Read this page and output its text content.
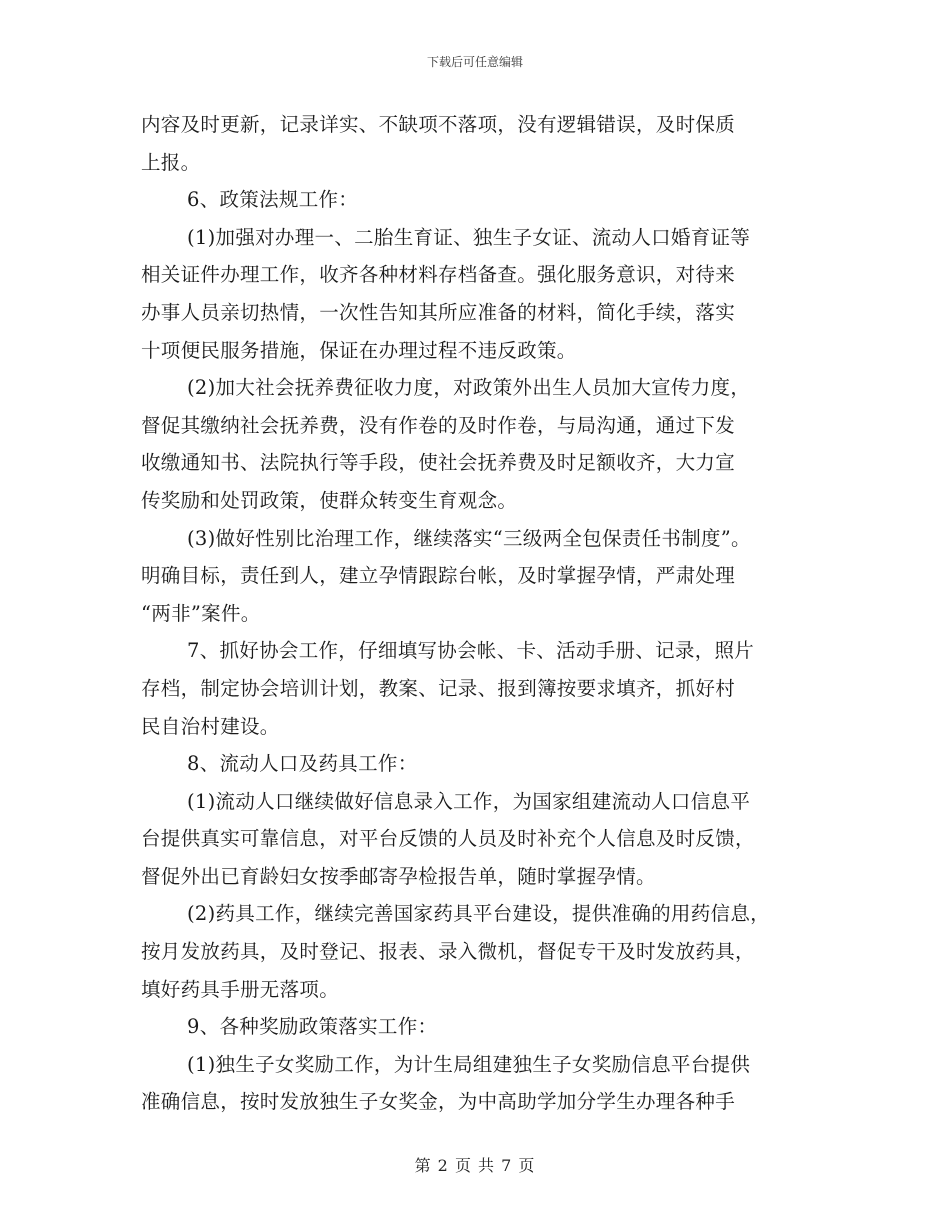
下载后可任意编辑
内容及时更新，记录详实、不缺项不落项，没有逻辑错误，及时保质
上报。
6、政策法规工作：
(1)加强对办理一、二胎生育证、独生子女证、流动人口婚育证等
相关证件办理工作，收齐各种材料存档备查。强化服务意识，对待来
办事人员亲切热情，一次性告知其所应准备的材料，简化手续，落实
十项便民服务措施，保证在办理过程不违反政策。
(2)加大社会抚养费征收力度，对政策外出生人员加大宣传力度，
督促其缴纳社会抚养费，没有作卷的及时作卷，与局沟通，通过下发
收缴通知书、法院执行等手段，使社会抚养费及时足额收齐，大力宣
传奖励和处罚政策，使群众转变生育观念。
(3)做好性别比治理工作，继续落实“三级两全包保责任书制度”。
明确目标，责任到人，建立孕情跟踪台帐，及时掌握孕情，严肃处理
“两非”案件。
7、抓好协会工作，仔细填写协会帐、卡、活动手册、记录，照片
存档，制定协会培训计划，教案、记录、报到簿按要求填齐，抓好村
民自治村建设。
8、流动人口及药具工作：
(1)流动人口继续做好信息录入工作，为国家组建流动人口信息平
台提供真实可靠信息，对平台反馈的人员及时补充个人信息及时反馈，
督促外出已育龄妇女按季邮寄孕检报告单，随时掌握孕情。
(2)药具工作，继续完善国家药具平台建设，提供准确的用药信息，
按月发放药具，及时登记、报表、录入微机，督促专干及时发放药具，
填好药具手册无落项。
9、各种奖励政策落实工作：
(1)独生子女奖励工作，为计生局组建独生子女奖励信息平台提供
准确信息，按时发放独生子女奖金，为中高助学加分学生办理各种手
第 2 页 共 7 页
